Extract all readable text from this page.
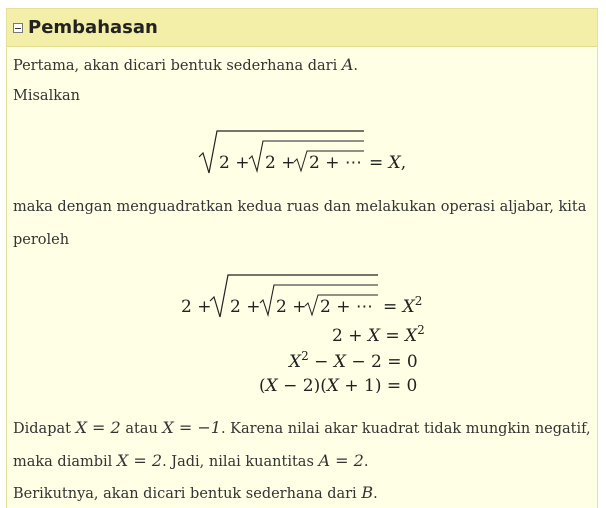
Pembahasan
Pertama, akan dicari bentuk sederhana dari A.
Misalkan
2 + 2 + 2 + ⋯ = X,
maka dengan menguadratkan kedua ruas dan melakukan operasi aljabar, kita
peroleh
2 + 2 + 2 + 2 + ⋯ = $X^2$
$2 + X = X^2$
$X^2 - X - 2 = 0$
(X − 2)(X + 1) = 0
Didapat X = 2 atau X = −1. Karena nilai akar kuadrat tidak mungkin negatif,
maka diambil X = 2. Jadi, nilai kuantitas A = 2.
Berikutnya, akan dicari bentuk sederhana dari B.
